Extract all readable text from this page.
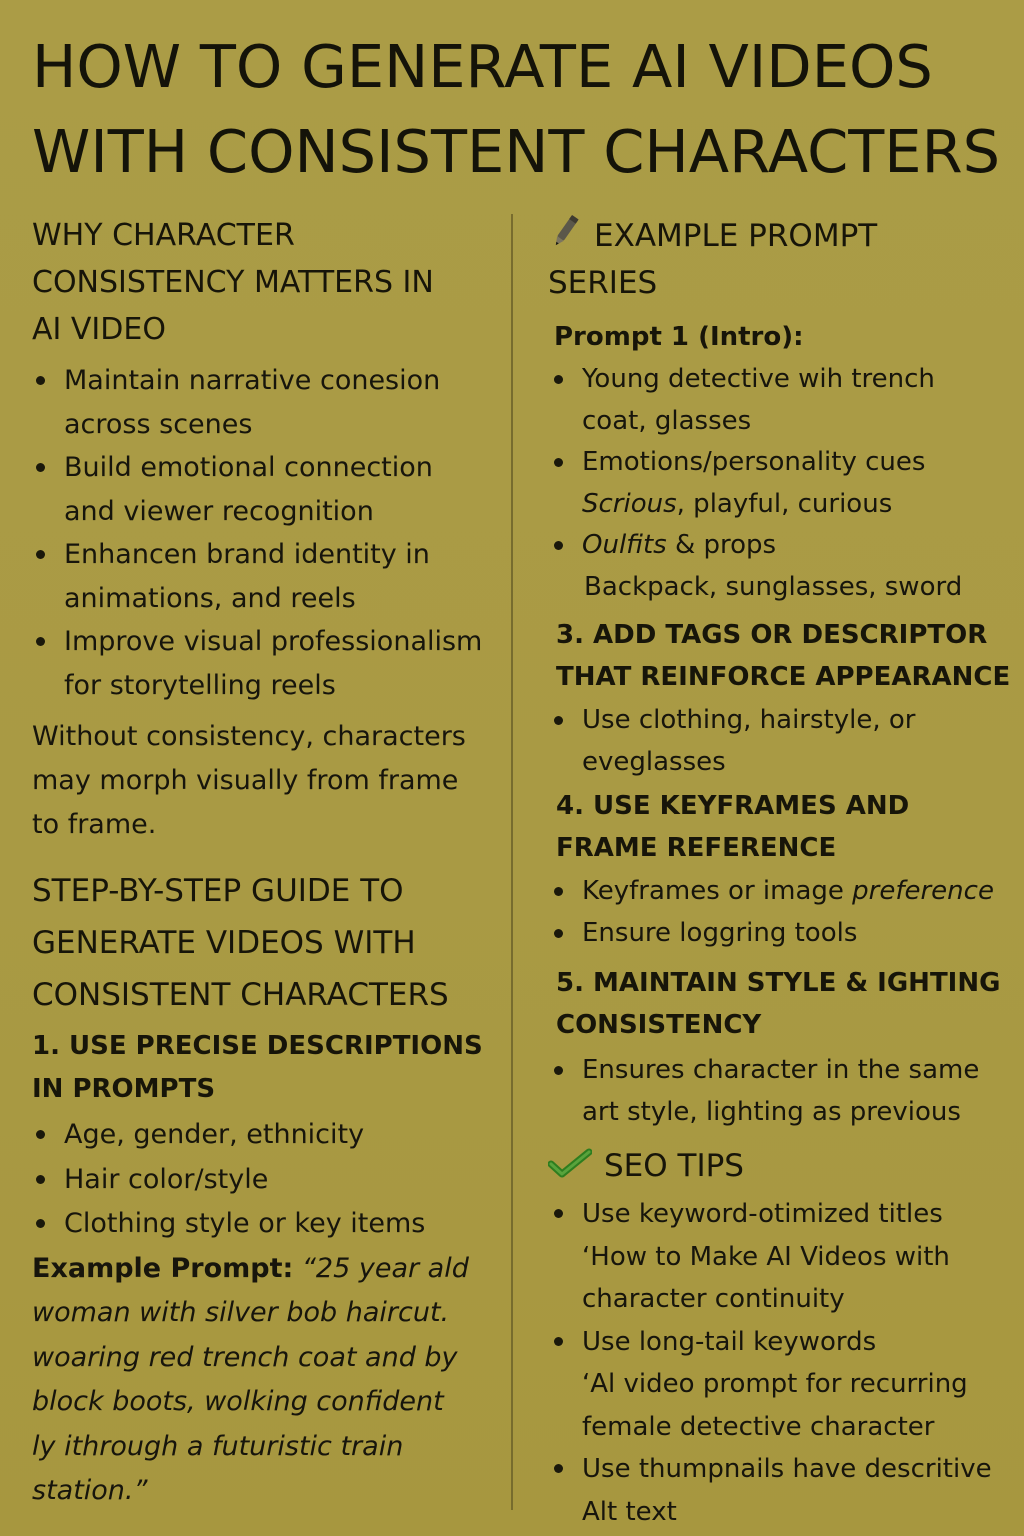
HOW TO GENERATE AI VIDEOS
WITH CONSISTENT CHARACTERS
WHY CHARACTER
CONSISTENCY MATTERS IN
AI VIDEO
Maintain narrative conesion
across scenes
Build emotional connection
and viewer recognition
Enhancen brand identity in
animations, and reels
Improve visual professionalism
for storytelling reels

Without consistency, characters
may morph visually from frame
to frame.

STEP-BY-STEP GUIDE TO
GENERATE VIDEOS WITH
CONSISTENT CHARACTERS
1. USE PRECISE DESCRIPTIONS
IN PROMPTS
Age, gender, ethnicity
Hair color/style
Clothing style or key items

Example Prompt: “25 year ald
woman with silver bob haircut.
woaring red trench coat and by
block boots, wolking confident
ly ithrough a futuristic train
station.”

EXAMPLE PROMPT
SERIES
Prompt 1 (Intro):
Young detective wih trench
coat, glasses
Emotions/personality cues
Scrious, playful, curious
Oulfits & props
Backpack, sunglasses, sword
3. ADD TAGS OR DESCRIPTOR
THAT REINFORCE APPEARANCE
Use clothing, hairstyle, or
eveglasses
4. USE KEYFRAMES AND
FRAME REFERENCE
Keyframes or image preference
Ensure loggring tools
5. MAINTAIN STYLE & IGHTING
CONSISTENCY
Ensures character in the same
art style, lighting as previous
SEO TIPS
Use keyword-otimized titles
‘How to Make AI Videos with
character continuity
Use long-tail keywords
‘Al video prompt for recurring
female detective character
Use thumpnails have descritive
Alt text
